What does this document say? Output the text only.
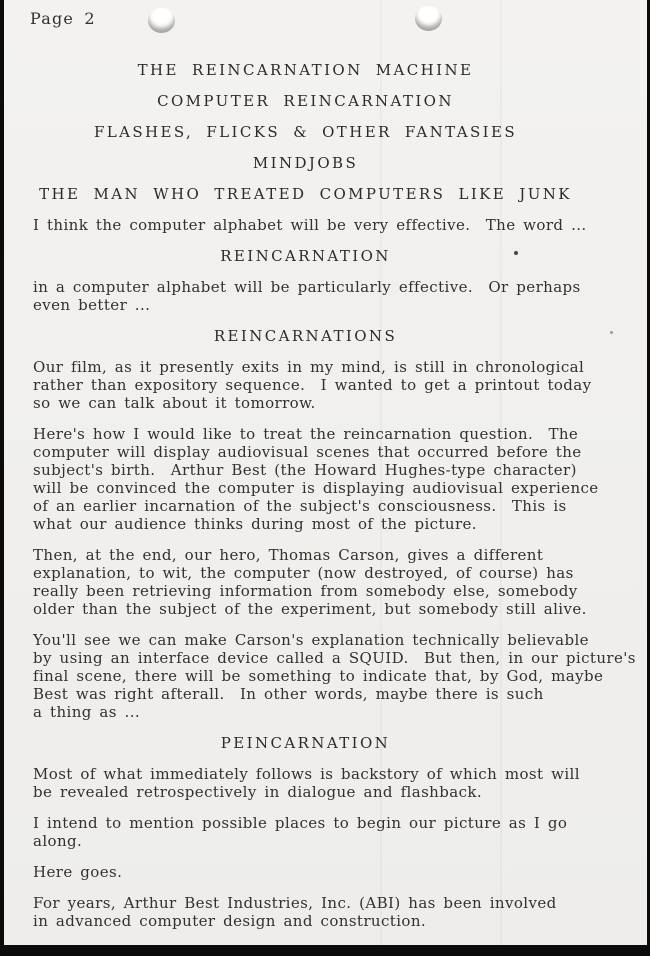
Page 2
THE REINCARNATION MACHINE
COMPUTER REINCARNATION
FLASHES, FLICKS & OTHER FANTASIES
MINDJOBS
THE MAN WHO TREATED COMPUTERS LIKE JUNK
I think the computer alphabet will be very effective.  The word ...
REINCARNATION
in a computer alphabet will be particularly effective.  Or perhaps
even better ...
REINCARNATIONS
Our film, as it presently exits in my mind, is still in chronological
rather than expository sequence.  I wanted to get a printout today
so we can talk about it tomorrow.
Here's how I would like to treat the reincarnation question.  The
computer will display audiovisual scenes that occurred before the
subject's birth.  Arthur Best (the Howard Hughes-type character)
will be convinced the computer is displaying audiovisual experience
of an earlier incarnation of the subject's consciousness.  This is
what our audience thinks during most of the picture.
Then, at the end, our hero, Thomas Carson, gives a different
explanation, to wit, the computer (now destroyed, of course) has
really been retrieving information from somebody else, somebody
older than the subject of the experiment, but somebody still alive.
You'll see we can make Carson's explanation technically believable
by using an interface device called a SQUID.  But then, in our picture's
final scene, there will be something to indicate that, by God, maybe
Best was right afterall.  In other words, maybe there is such
a thing as ...
PEINCARNATION
Most of what immediately follows is backstory of which most will
be revealed retrospectively in dialogue and flashback.
I intend to mention possible places to begin our picture as I go
along.
Here goes.
For years, Arthur Best Industries, Inc. (ABI) has been involved
in advanced computer design and construction.
